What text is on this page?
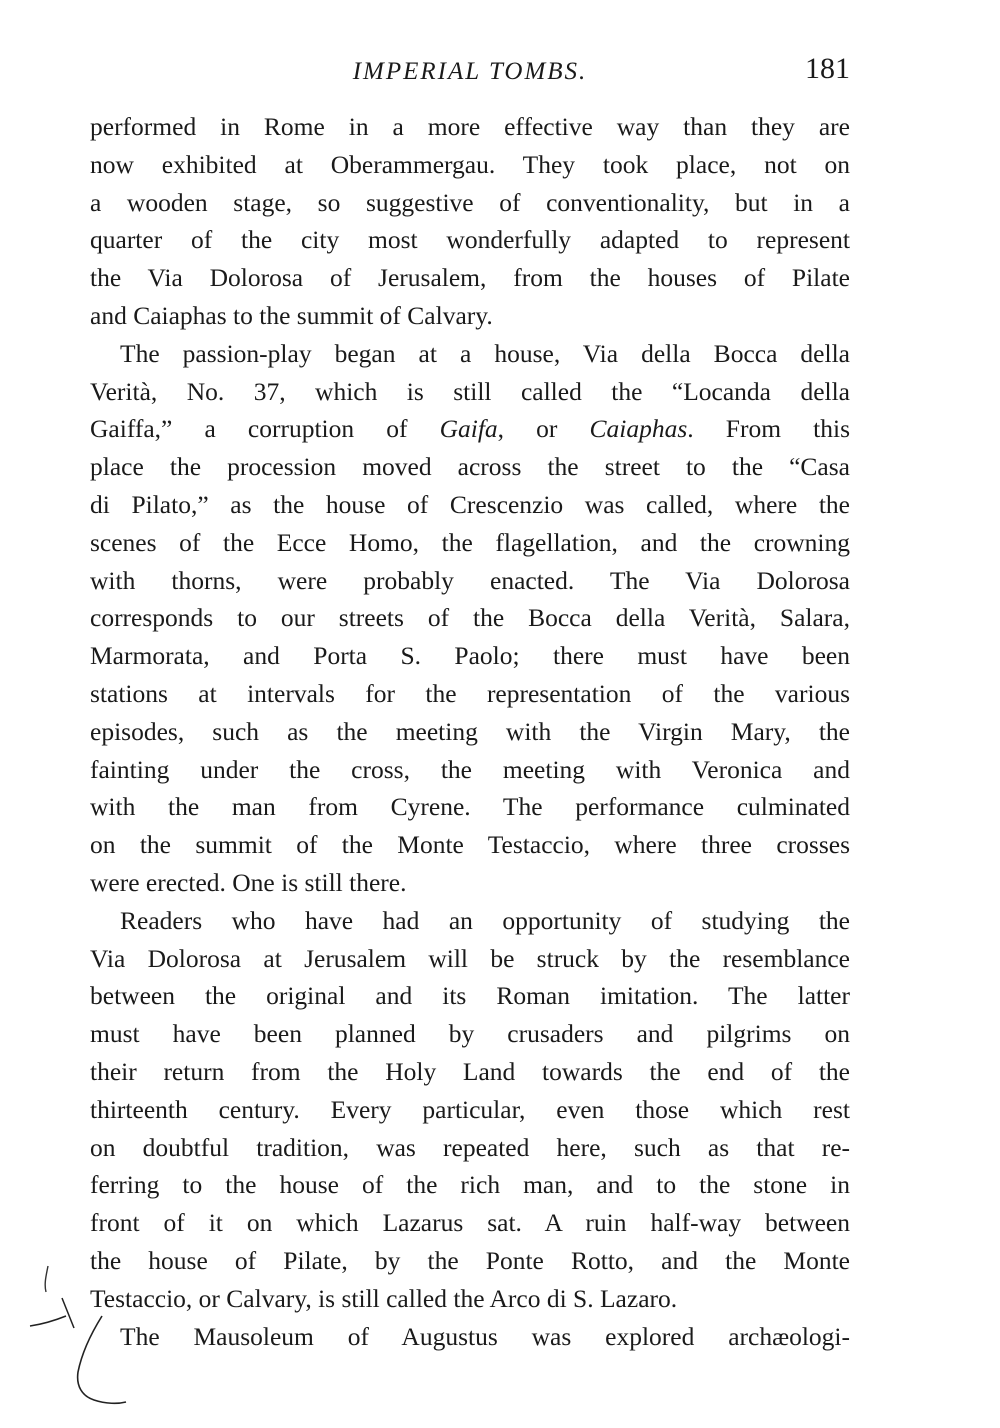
IMPERIAL TOMBS.	181
performed in Rome in a more effective way than they are
now exhibited at Oberammergau. They took place, not on
a wooden stage, so suggestive of conventionality, but in a
quarter of the city most wonderfully adapted to represent
the Via Dolorosa of Jerusalem, from the houses of Pilate
and Caiaphas to the summit of Calvary.
The passion-play began at a house, Via della Bocca della
Verità, No. 37, which is still called the “Locanda della
Gaiffa,” a corruption of Gaifa, or Caiaphas. From this
place the procession moved across the street to the “Casa
di Pilato,” as the house of Crescenzio was called, where the
scenes of the Ecce Homo, the flagellation, and the crowning
with thorns, were probably enacted. The Via Dolorosa
corresponds to our streets of the Bocca della Verità, Salara,
Marmorata, and Porta S. Paolo; there must have been
stations at intervals for the representation of the various
episodes, such as the meeting with the Virgin Mary, the
fainting under the cross, the meeting with Veronica and
with the man from Cyrene. The performance culminated
on the summit of the Monte Testaccio, where three crosses
were erected. One is still there.
Readers who have had an opportunity of studying the
Via Dolorosa at Jerusalem will be struck by the resemblance
between the original and its Roman imitation. The latter
must have been planned by crusaders and pilgrims on
their return from the Holy Land towards the end of the
thirteenth century. Every particular, even those which rest
on doubtful tradition, was repeated here, such as that re-
ferring to the house of the rich man, and to the stone in
front of it on which Lazarus sat. A ruin half-way between
the house of Pilate, by the Ponte Rotto, and the Monte
Testaccio, or Calvary, is still called the Arco di S. Lazaro.
The Mausoleum of Augustus was explored archæologi-
